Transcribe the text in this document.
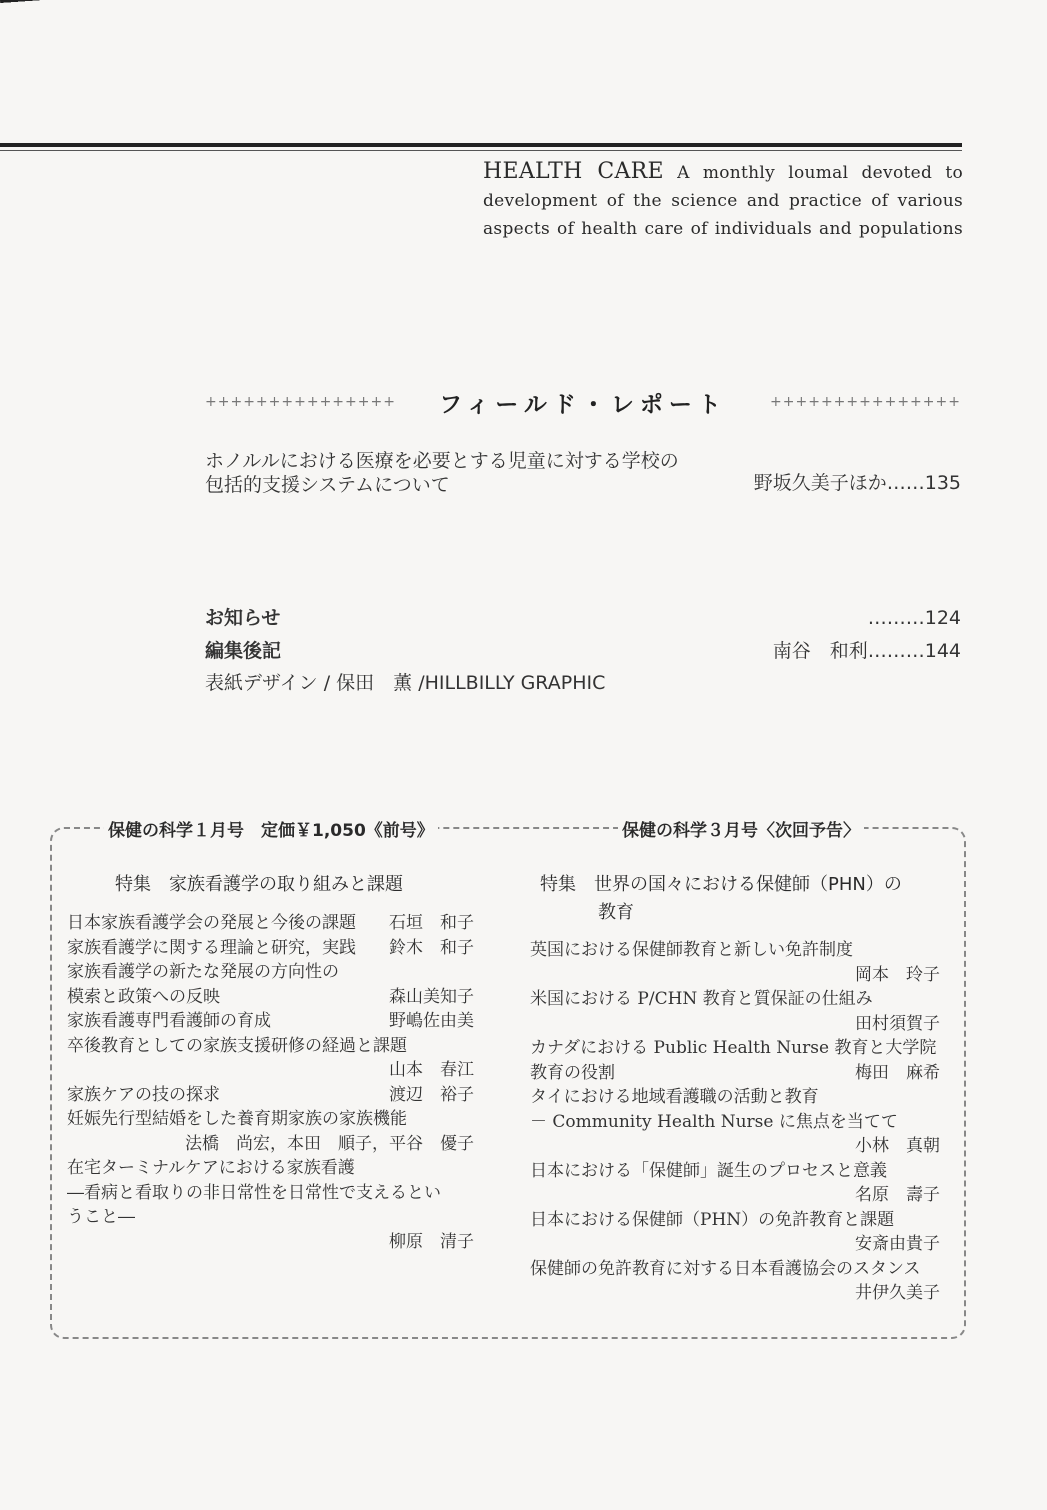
HEALTH CARE A monthly loumal devoted to
development of the science and practice of various
aspects of health care of individuals and populations
+++++++++++++++ フィールド・レポート	+++++++++++++++
ホノルルにおける医療を必要とする児童に対する学校の
包括的支援システムについて	野坂久美子ほか……135
お知らせ	………124
編集後記	南谷　和利………144
表紙デザイン / 保田　薫 /HILLBILLY GRAPHIC
保健の科学１月号　定価￥1,050《前号》	保健の科学３月号〈次回予告〉
特集　家族看護学の取り組みと課題
日本家族看護学会の発展と今後の課題 石垣　和子
家族看護学に関する理論と研究，実践 鈴木　和子
家族看護学の新たな発展の方向性の
模索と政策への反映	森山美知子
家族看護専門看護師の育成	野嶋佐由美
卒後教育としての家族支援研修の経過と課題
山本　春江
家族ケアの技の探求	渡辺　裕子
妊娠先行型結婚をした養育期家族の家族機能
法橋　尚宏，本田　順子，平谷　優子
在宅ターミナルケアにおける家族看護
―看病と看取りの非日常性を日常性で支えるとい
うこと―
柳原　清子
特集　世界の国々における保健師（PHN）の
教育
英国における保健師教育と新しい免許制度
岡本　玲子
米国における P/CHN 教育と質保証の仕組み
田村須賀子
カナダにおける Public Health Nurse 教育と大学院
教育の役割	梅田　麻希
タイにおける地域看護職の活動と教育
－ Community Health Nurse に焦点を当てて
小林　真朝
日本における「保健師」誕生のプロセスと意義
名原　壽子
日本における保健師（PHN）の免許教育と課題
安斎由貴子
保健師の免許教育に対する日本看護協会のスタンス
井伊久美子
